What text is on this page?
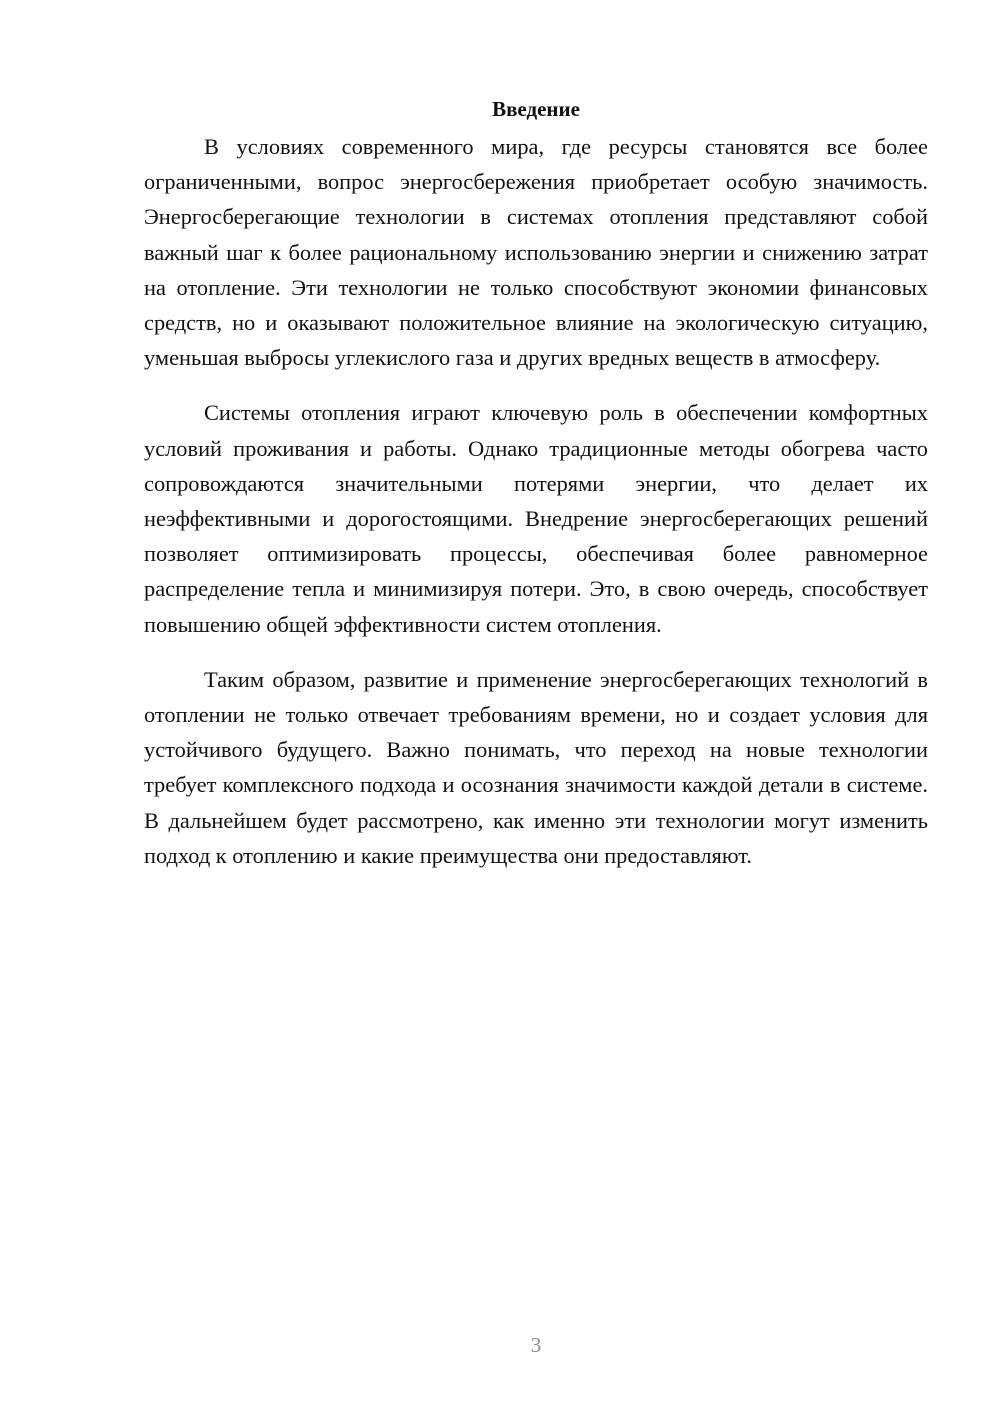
Введение

В условиях современного мира, где ресурсы становятся все более ограниченными, вопрос энергосбережения приобретает особую значимость. Энергосберегающие технологии в системах отопления представляют собой важный шаг к более рациональному использованию энергии и снижению затрат на отопление. Эти технологии не только способствуют экономии финансовых средств, но и оказывают положительное влияние на экологическую ситуацию, уменьшая выбросы углекислого газа и других вредных веществ в атмосферу.

Системы отопления играют ключевую роль в обеспечении комфортных условий проживания и работы. Однако традиционные методы обогрева часто сопровождаются значительными потерями энергии, что делает их неэффективными и дорогостоящими. Внедрение энергосберегающих решений позволяет оптимизировать процессы, обеспечивая более равномерное распределение тепла и минимизируя потери. Это, в свою очередь, способствует повышению общей эффективности систем отопления.

Таким образом, развитие и применение энергосберегающих технологий в отоплении не только отвечает требованиям времени, но и создает условия для устойчивого будущего. Важно понимать, что переход на новые технологии требует комплексного подхода и осознания значимости каждой детали в системе. В дальнейшем будет рассмотрено, как именно эти технологии могут изменить подход к отоплению и какие преимущества они предоставляют.

3
